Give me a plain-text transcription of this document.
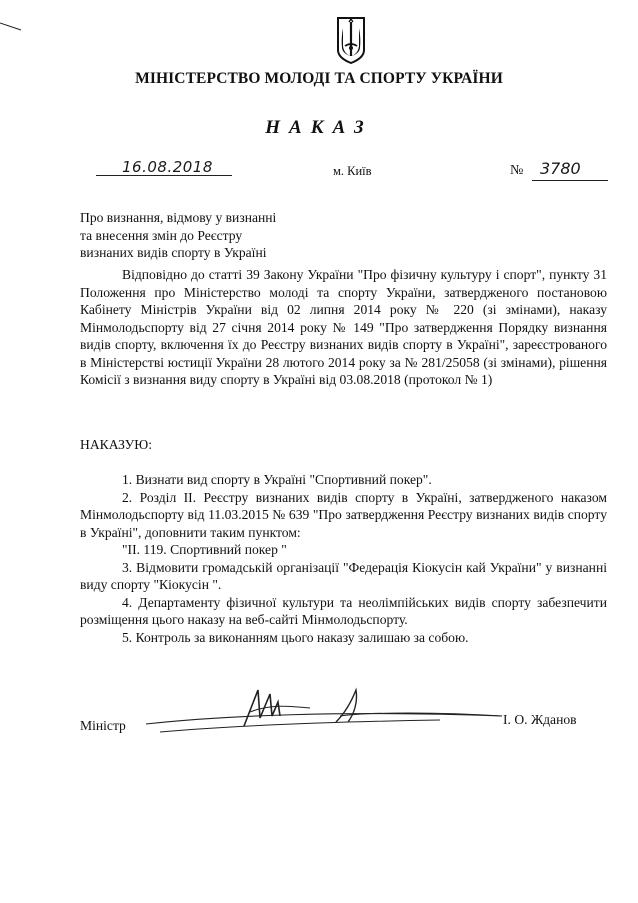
МІНІСТЕРСТВО МОЛОДІ ТА СПОРТУ УКРАЇНИ
НАКАЗ
16.08.2018	м. Київ	№ 3780
Про визнання, відмову у визнанні
та внесення змін до Реєстру
визнаних видів спорту в Україні
Відповідно до статті 39 Закону України "Про фізичну культуру і спорт", пункту 31 Положення про Міністерство молоді та спорту України, затвердженого постановою Кабінету Міністрів України від 02 липня 2014 року № 220 (зі змінами), наказу Мінмолодьспорту від 27 січня 2014 року № 149 "Про затвердження Порядку визнання видів спорту, включення їх до Реєстру визнаних видів спорту в Україні", зареєстрованого в Міністерстві юстиції України 28 лютого 2014 року за № 281/25058 (зі змінами), рішення Комісії з визнання виду спорту в Україні від 03.08.2018 (протокол № 1)
НАКАЗУЮ:
1. Визнати вид спорту в Україні "Спортивний покер".
2. Розділ ІІ. Реєстру визнаних видів спорту в Україні, затвердженого наказом Мінмолодьспорту від 11.03.2015 № 639 "Про затвердження Реєстру визнаних видів спорту в Україні", доповнити таким пунктом:
"ІІ. 119. Спортивний покер "
3. Відмовити громадській організації "Федерація Кіокусін кай України" у визнанні виду спорту "Кіокусін ".
4. Департаменту фізичної культури та неолімпійських видів спорту забезпечити розміщення цього наказу на веб-сайті Мінмолодьспорту.
5. Контроль за виконанням цього наказу залишаю за собою.
Міністр	І. О. Жданов
